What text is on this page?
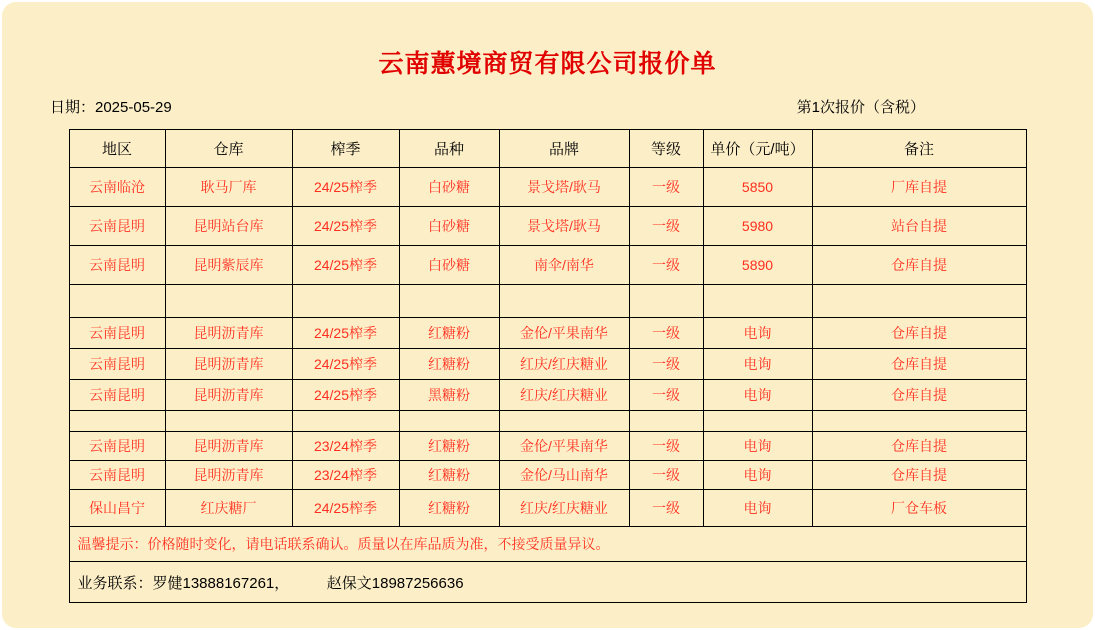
云南蕙境商贸有限公司报价单
日期：2025-05-29	第1次报价（含税）
地区	仓库	榨季	品种	品牌	等级	单价（元/吨）	备注
云南临沧	耿马厂库	24/25榨季	白砂糖	景戈塔/耿马	一级	5850	厂库自提
云南昆明	昆明站台库	24/25榨季	白砂糖	景戈塔/耿马	一级	5980	站台自提
云南昆明	昆明紫辰库	24/25榨季	白砂糖	南伞/南华	一级	5890	仓库自提

云南昆明	昆明沥青库	24/25榨季	红糖粉	金伦/平果南华	一级	电询	仓库自提
云南昆明	昆明沥青库	24/25榨季	红糖粉	红庆/红庆糖业	一级	电询	仓库自提
云南昆明	昆明沥青库	24/25榨季	黑糖粉	红庆/红庆糖业	一级	电询	仓库自提

云南昆明	昆明沥青库	23/24榨季	红糖粉	金伦/平果南华	一级	电询	仓库自提
云南昆明	昆明沥青库	23/24榨季	红糖粉	金伦/马山南华	一级	电询	仓库自提
保山昌宁	红庆糖厂	24/25榨季	红糖粉	红庆/红庆糖业	一级	电询	厂仓车板
温馨提示：价格随时变化，请电话联系确认。质量以在库品质为准，不接受质量异议。							
业务联系：罗健13888167261，　　　赵保文18987256636							
